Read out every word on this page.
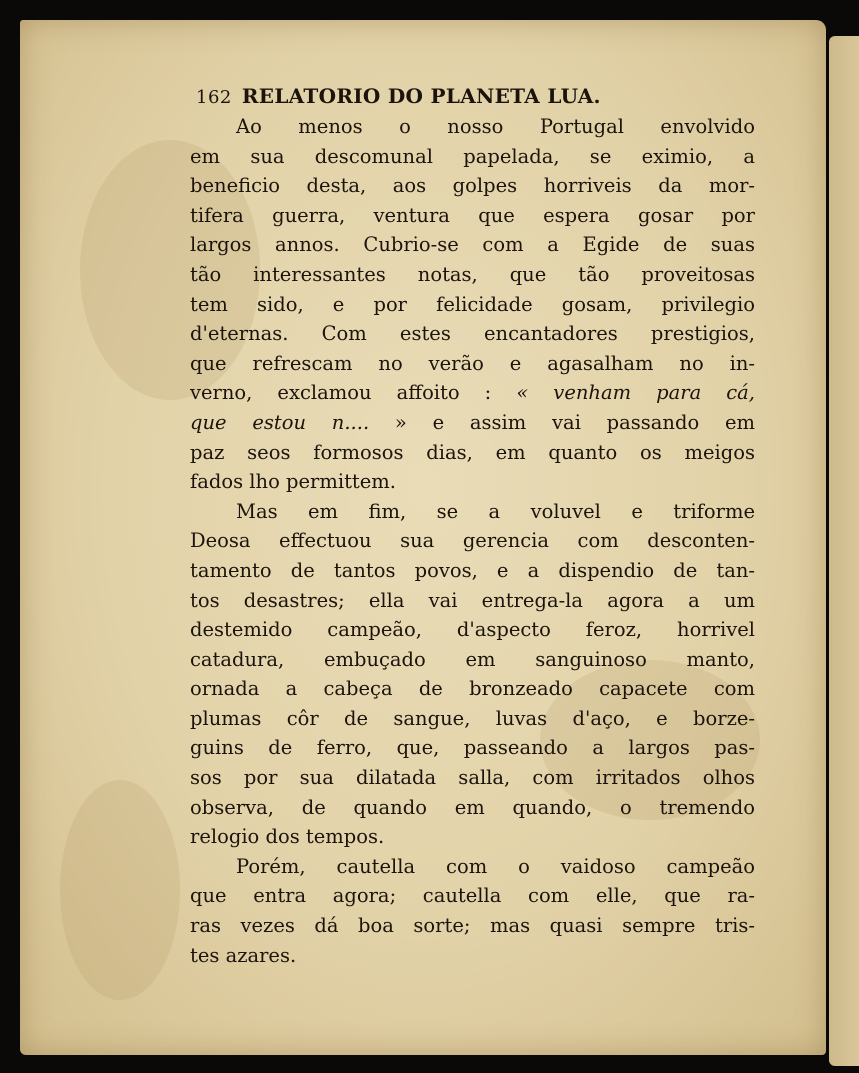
162 RELATORIO DO PLANETA LUA.
Ao menos o nosso Portugal envolvido
em sua descomunal papelada, se eximio, a
beneficio desta, aos golpes horriveis da mor-
tifera guerra, ventura que espera gosar por
largos annos. Cubrio-se com a Egide de suas
tão interessantes notas, que tão proveitosas
tem sido, e por felicidade gosam, privilegio
d'eternas. Com estes encantadores prestigios,
que refrescam no verão e agasalham no in-
verno, exclamou affoito : « venham para cá,
que estou n.... » e assim vai passando em
paz seos formosos dias, em quanto os meigos
fados lho permittem.
Mas em fim, se a voluvel e triforme
Deosa effectuou sua gerencia com desconten-
tamento de tantos povos, e a dispendio de tan-
tos desastres; ella vai entrega-la agora a um
destemido campeão, d'aspecto feroz, horrivel
catadura, embuçado em sanguinoso manto,
ornada a cabeça de bronzeado capacete com
plumas côr de sangue, luvas d'aço, e borze-
guins de ferro, que, passeando a largos pas-
sos por sua dilatada salla, com irritados olhos
observa, de quando em quando, o tremendo
relogio dos tempos.
Porém, cautella com o vaidoso campeão
que entra agora; cautella com elle, que ra-
ras vezes dá boa sorte; mas quasi sempre tris-
tes azares.
